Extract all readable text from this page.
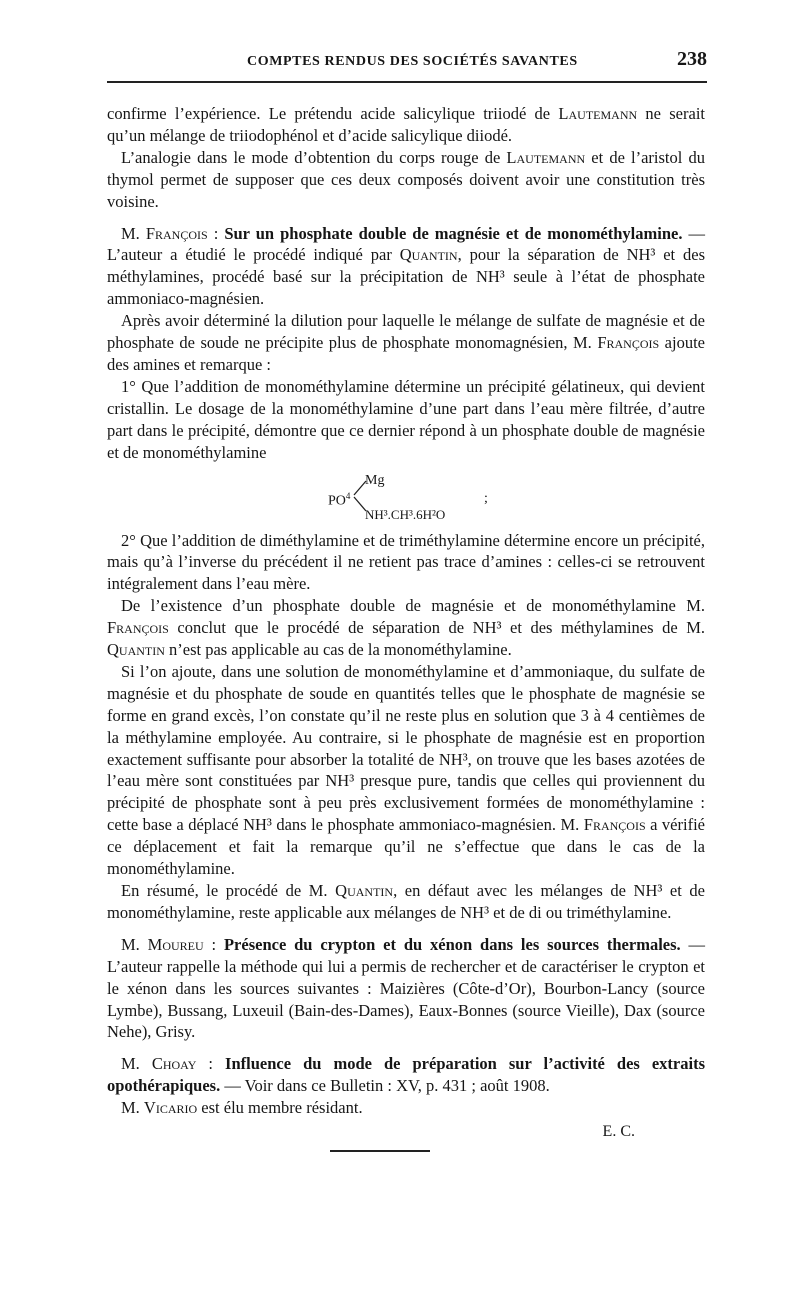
COMPTES RENDUS DES SOCIÉTÉS SAVANTES	238

confirme l’expérience. Le prétendu acide salicylique triiodé de Lautemann ne serait qu’un mélange de triiodophénol et d’acide salicylique diiodé.

L’analogie dans le mode d’obtention du corps rouge de Lautemann et de l’aristol du thymol permet de supposer que ces deux composés doivent avoir une constitution très voisine.

M. François : Sur un phosphate double de magnésie et de monométhylamine. — L’auteur a étudié le procédé indiqué par Quantin, pour la séparation de NH³ et des méthylamines, procédé basé sur la précipitation de NH³ seule à l’état de phosphate ammoniaco-magnésien.

Après avoir déterminé la dilution pour laquelle le mélange de sulfate de magnésie et de phosphate de soude ne précipite plus de phosphate monomagnésien, M. François ajoute des amines et remarque :

1° Que l’addition de monométhylamine détermine un précipité gélatineux, qui devient cristallin. Le dosage de la monométhylamine d’une part dans l’eau mère filtrée, d’autre part dans le précipité, démontre que ce dernier répond à un phosphate double de magnésie et de monométhylamine

$PO^4$
Mg
NH³.CH³.6H²O
;

2° Que l’addition de diméthylamine et de triméthylamine détermine encore un précipité, mais qu’à l’inverse du précédent il ne retient pas trace d’amines : celles-ci se retrouvent intégralement dans l’eau mère.

De l’existence d’un phosphate double de magnésie et de monométhylamine M. François conclut que le procédé de séparation de NH³ et des méthylamines de M. Quantin n’est pas applicable au cas de la monométhylamine.

Si l’on ajoute, dans une solution de monométhylamine et d’ammoniaque, du sulfate de magnésie et du phosphate de soude en quantités telles que le phosphate de magnésie se forme en grand excès, l’on constate qu’il ne reste plus en solution que 3 à 4 centièmes de la méthylamine employée. Au contraire, si le phosphate de magnésie est en proportion exactement suffisante pour absorber la totalité de NH³, on trouve que les bases azotées de l’eau mère sont constituées par NH³ presque pure, tandis que celles qui proviennent du précipité de phosphate sont à peu près exclusivement formées de monométhylamine : cette base a déplacé NH³ dans le phosphate ammoniaco-magnésien. M. François a vérifié ce déplacement et fait la remarque qu’il ne s’effectue que dans le cas de la monométhylamine.

En résumé, le procédé de M. Quantin, en défaut avec les mélanges de NH³ et de monométhylamine, reste applicable aux mélanges de NH³ et de di ou triméthylamine.

M. Moureu : Présence du crypton et du xénon dans les sources thermales. — L’auteur rappelle la méthode qui lui a permis de rechercher et de caractériser le crypton et le xénon dans les sources suivantes : Maizières (Côte-d’Or), Bourbon-Lancy (source Lymbe), Bussang, Luxeuil (Bain-des-Dames), Eaux-Bonnes (source Vieille), Dax (source Nehe), Grisy.

M. Choay : Influence du mode de préparation sur l’activité des extraits opothérapiques. — Voir dans ce Bulletin : XV, p. 431 ; août 1908.

M. Vicario est élu membre résidant.

E. C.
